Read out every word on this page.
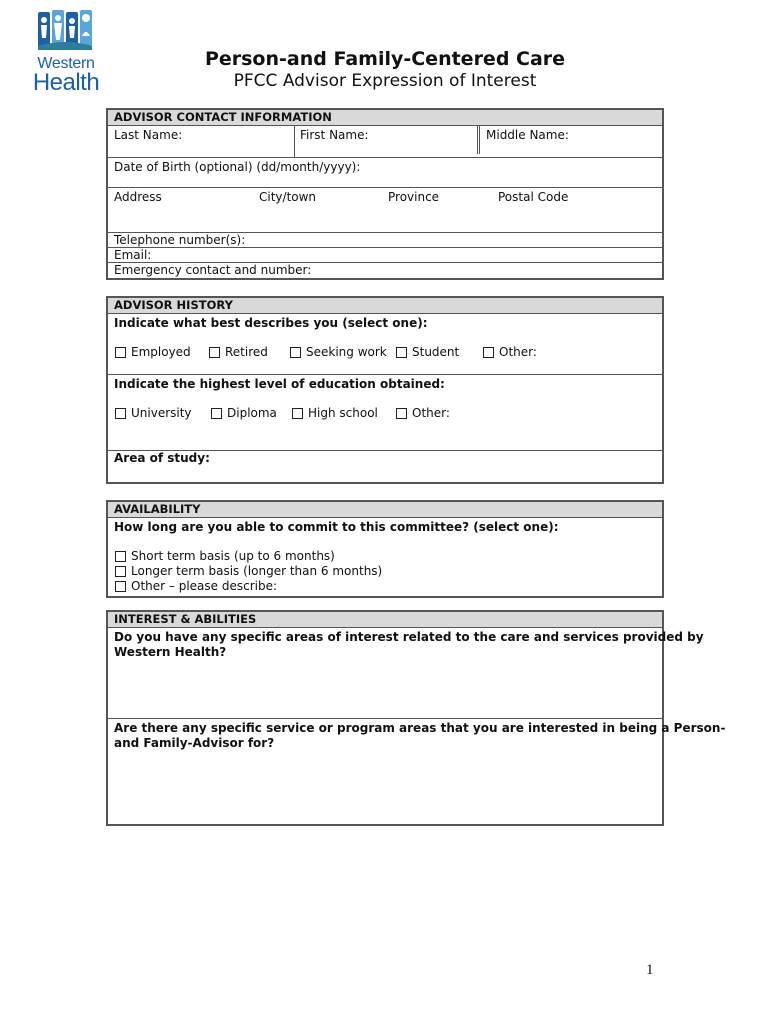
Western
Health
Person-and Family-Centered Care
PFCC Advisor Expression of Interest
ADVISOR CONTACT INFORMATION
Last Name:	First Name:	Middle Name:
Date of Birth (optional) (dd/month/yyyy):
Address	City/town	Province	Postal Code
Telephone number(s):
Email:
Emergency contact and number:
ADVISOR HISTORY
Indicate what best describes you (select one):
Employed	Retired	Seeking work Student	Other:
Indicate the highest level of education obtained:
University	Diploma	High school	Other:
Area of study:
AVAILABILITY
How long are you able to commit to this committee? (select one):
Short term basis (up to 6 months)
Longer term basis (longer than 6 months)
Other – please describe:
INTEREST & ABILITIES
Do you have any specific areas of interest related to the care and services provided by
Western Health?
Are there any specific service or program areas that you are interested in being a Person-
and Family-Advisor for?
1
